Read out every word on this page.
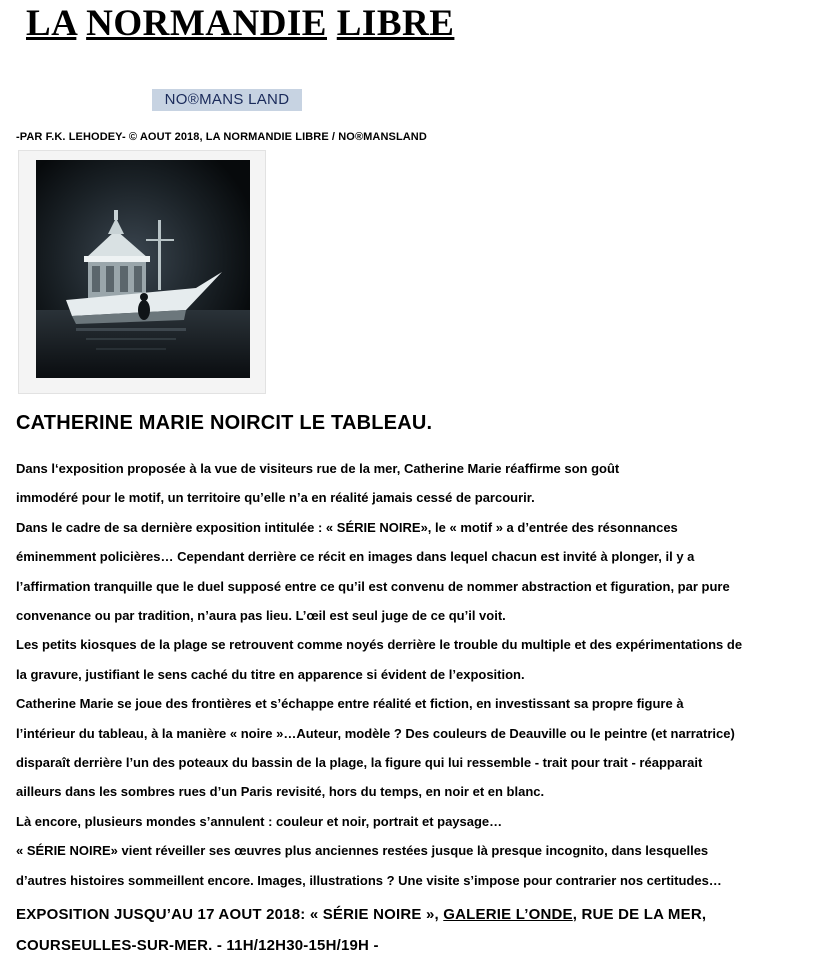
LA NORMANDIE LIBRE
NO®MANS LAND
-PAR F.K. LEHODEY- © AOUT 2018, LA NORMANDIE LIBRE / NO®MANSLAND
CATHERINE MARIE NOIRCIT LE TABLEAU.

Dans l‘exposition proposée à la vue de visiteurs rue de la mer, Catherine Marie réaffirme son goût

immodéré pour le motif, un territoire qu’elle n’a en réalité jamais cessé de parcourir.

Dans le cadre de sa dernière exposition intitulée : « SÉRIE NOIRE», le « motif » a d’entrée des résonnances

éminemment policières… Cependant derrière ce récit en images dans lequel chacun est invité à plonger, il y a

l’affirmation tranquille que le duel supposé entre ce qu’il est convenu de nommer abstraction et figuration, par pure

convenance ou par tradition, n’aura pas lieu. L’œil est seul juge de ce qu’il voit.

Les petits kiosques de la plage se retrouvent comme noyés derrière le trouble du multiple et des expérimentations de

la gravure, justifiant le sens caché du titre en apparence si évident de l’exposition.

Catherine Marie se joue des frontières et s’échappe entre réalité et fiction, en investissant sa propre figure à

l’intérieur du tableau, à la manière « noire »…Auteur, modèle ? Des couleurs de Deauville ou le peintre (et narratrice)

disparaît derrière l’un des poteaux du bassin de la plage, la figure qui lui ressemble - trait pour trait - réapparait

ailleurs dans les sombres rues d’un Paris revisité, hors du temps, en noir et en blanc.

Là encore, plusieurs mondes s’annulent : couleur et noir, portrait et paysage…

« SÉRIE NOIRE» vient réveiller ses œuvres plus anciennes restées jusque là presque incognito, dans lesquelles

d’autres histoires sommeillent encore. Images, illustrations ? Une visite s’impose pour contrarier nos certitudes…

EXPOSITION JUSQU’AU 17 AOUT 2018: « SÉRIE NOIRE », GALERIE L’ONDE, RUE DE LA MER,

COURSEULLES-SUR-MER. - 11H/12H30-15H/19H -
